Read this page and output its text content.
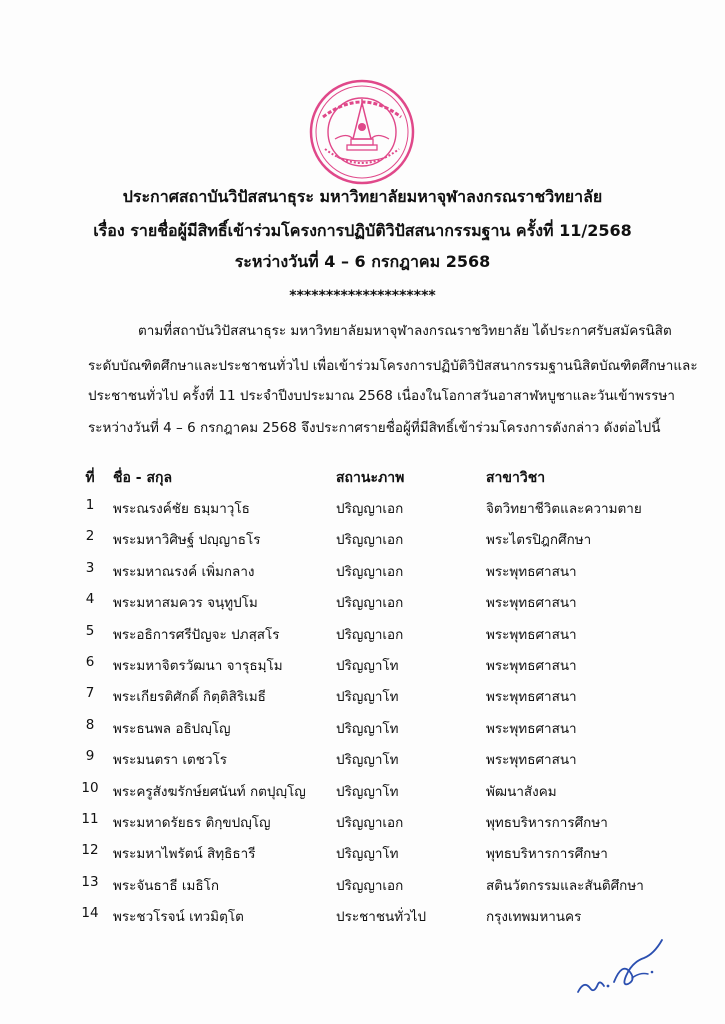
ประกาศสถาบันวิปัสสนาธุระ มหาวิทยาลัยมหาจุฬาลงกรณราชวิทยาลัย
เรื่อง รายชื่อผู้มีสิทธิ์เข้าร่วมโครงการปฏิบัติวิปัสสนากรรมฐาน ครั้งที่ 11/2568
ระหว่างวันที่ 4 – 6 กรกฎาคม 2568
********************
ตามที่สถาบันวิปัสสนาธุระ มหาวิทยาลัยมหาจุฬาลงกรณราชวิทยาลัย ได้ประกาศรับสมัครนิสิต
ระดับบัณฑิตศึกษาและประชาชนทั่วไป เพื่อเข้าร่วมโครงการปฏิบัติวิปัสสนากรรมฐานนิสิตบัณฑิตศึกษาและ
ประชาชนทั่วไป ครั้งที่ 11 ประจำปีงบประมาณ 2568 เนื่องในโอกาสวันอาสาฬหบูชาและวันเข้าพรรษา
ระหว่างวันที่ 4 – 6 กรกฎาคม 2568 จึงประกาศรายชื่อผู้ที่มีสิทธิ์เข้าร่วมโครงการดังกล่าว ดังต่อไปนี้
ที่	ชื่อ - สกุล	สถานะภาพ	สาขาวิชา
1	พระณรงค์ชัย ธมฺมาวุโธ	ปริญญาเอก	จิตวิทยาชีวิตและความตาย
2	พระมหาวิศิษฐ์ ปญฺญาธโร	ปริญญาเอก	พระไตรปิฎกศึกษา
3	พระมหาณรงค์ เพิ่มกลาง	ปริญญาเอก	พระพุทธศาสนา
4	พระมหาสมควร จนฺทูปโม	ปริญญาเอก	พระพุทธศาสนา
5	พระอธิการศรีปัญจะ ปภสฺสโร	ปริญญาเอก	พระพุทธศาสนา
6	พระมหาจิตรวัฒนา จารุธมฺโม	ปริญญาโท	พระพุทธศาสนา
7	พระเกียรติศักดิ์ กิตฺติสิริเมธี	ปริญญาโท	พระพุทธศาสนา
8	พระธนพล อธิปญฺโญ	ปริญญาโท	พระพุทธศาสนา
9	พระมนตรา เตชวโร	ปริญญาโท	พระพุทธศาสนา
10 พระครูสังฆรักษ์ยศนันท์ กตปุญฺโญ ปริญญาโท	พัฒนาสังคม
11 พระมหาดรัยธร ติกฺขปญฺโญ	ปริญญาเอก	พุทธบริหารการศึกษา
12 พระมหาไพรัตน์ สิทฺธิธารี	ปริญญาโท	พุทธบริหารการศึกษา
13 พระจันธาธี เมธิโก	ปริญญาเอก	สตินวัตกรรมและสันติศึกษา
14 พระชวโรจน์ เทวมิตฺโต	ประชาชนทั่วไป	กรุงเทพมหานคร
